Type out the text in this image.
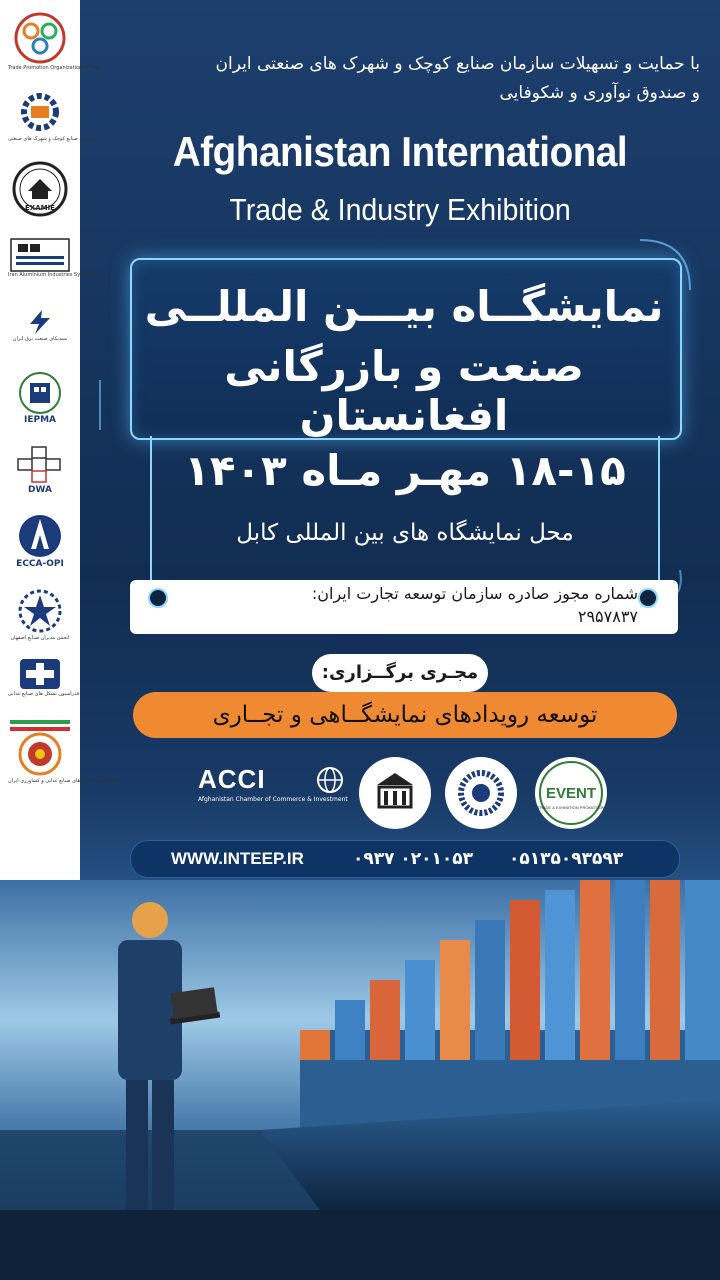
Trade Promotion Organization of Iran
سازمان صنایع کوچک و شهرک های صنعتی
EXAMIE
Iran Aluminium Industries Syndicate
سندیکای صنعت برق ایران
IEPMA
DWA
ECCA-OPI
انجمن مدیران صنایع اصفهان
فدراسیون تشکل های صنایع غذایی
فدراسیون تشکل های صنایع غذایی و کشاورزی ایران
با حمایت و تسهیلات سازمان صنایع کوچک و شهرک های صنعتی ایران
و صندوق نوآوری و شکوفایی
Afghanistan International
Trade & Industry Exhibition
نمایشگــاه بیـــن المللــی
صنعت و بازرگانی افغانستان
۱۸-۱۵ مهـر مـاه ۱۴۰۳
محل نمایشگاه های بین المللی کابل
شماره مجوز صادره سازمان توسعه تجارت ایران:
۲۹۵۷۸۳۷
مجـری برگــزاری:
توسعه رویدادهای نمایشگــاهی و تجــاری
ACCI
Afghanistan Chamber of Commerce & Investment	EVENT
TRADE & EXHIBITION PROMOTION
WWW.INTEEP.IR	۰۹۳۷ ۰۲۰۱۰۵۳ ۰۵۱۳۵۰۹۳۵۹۳
